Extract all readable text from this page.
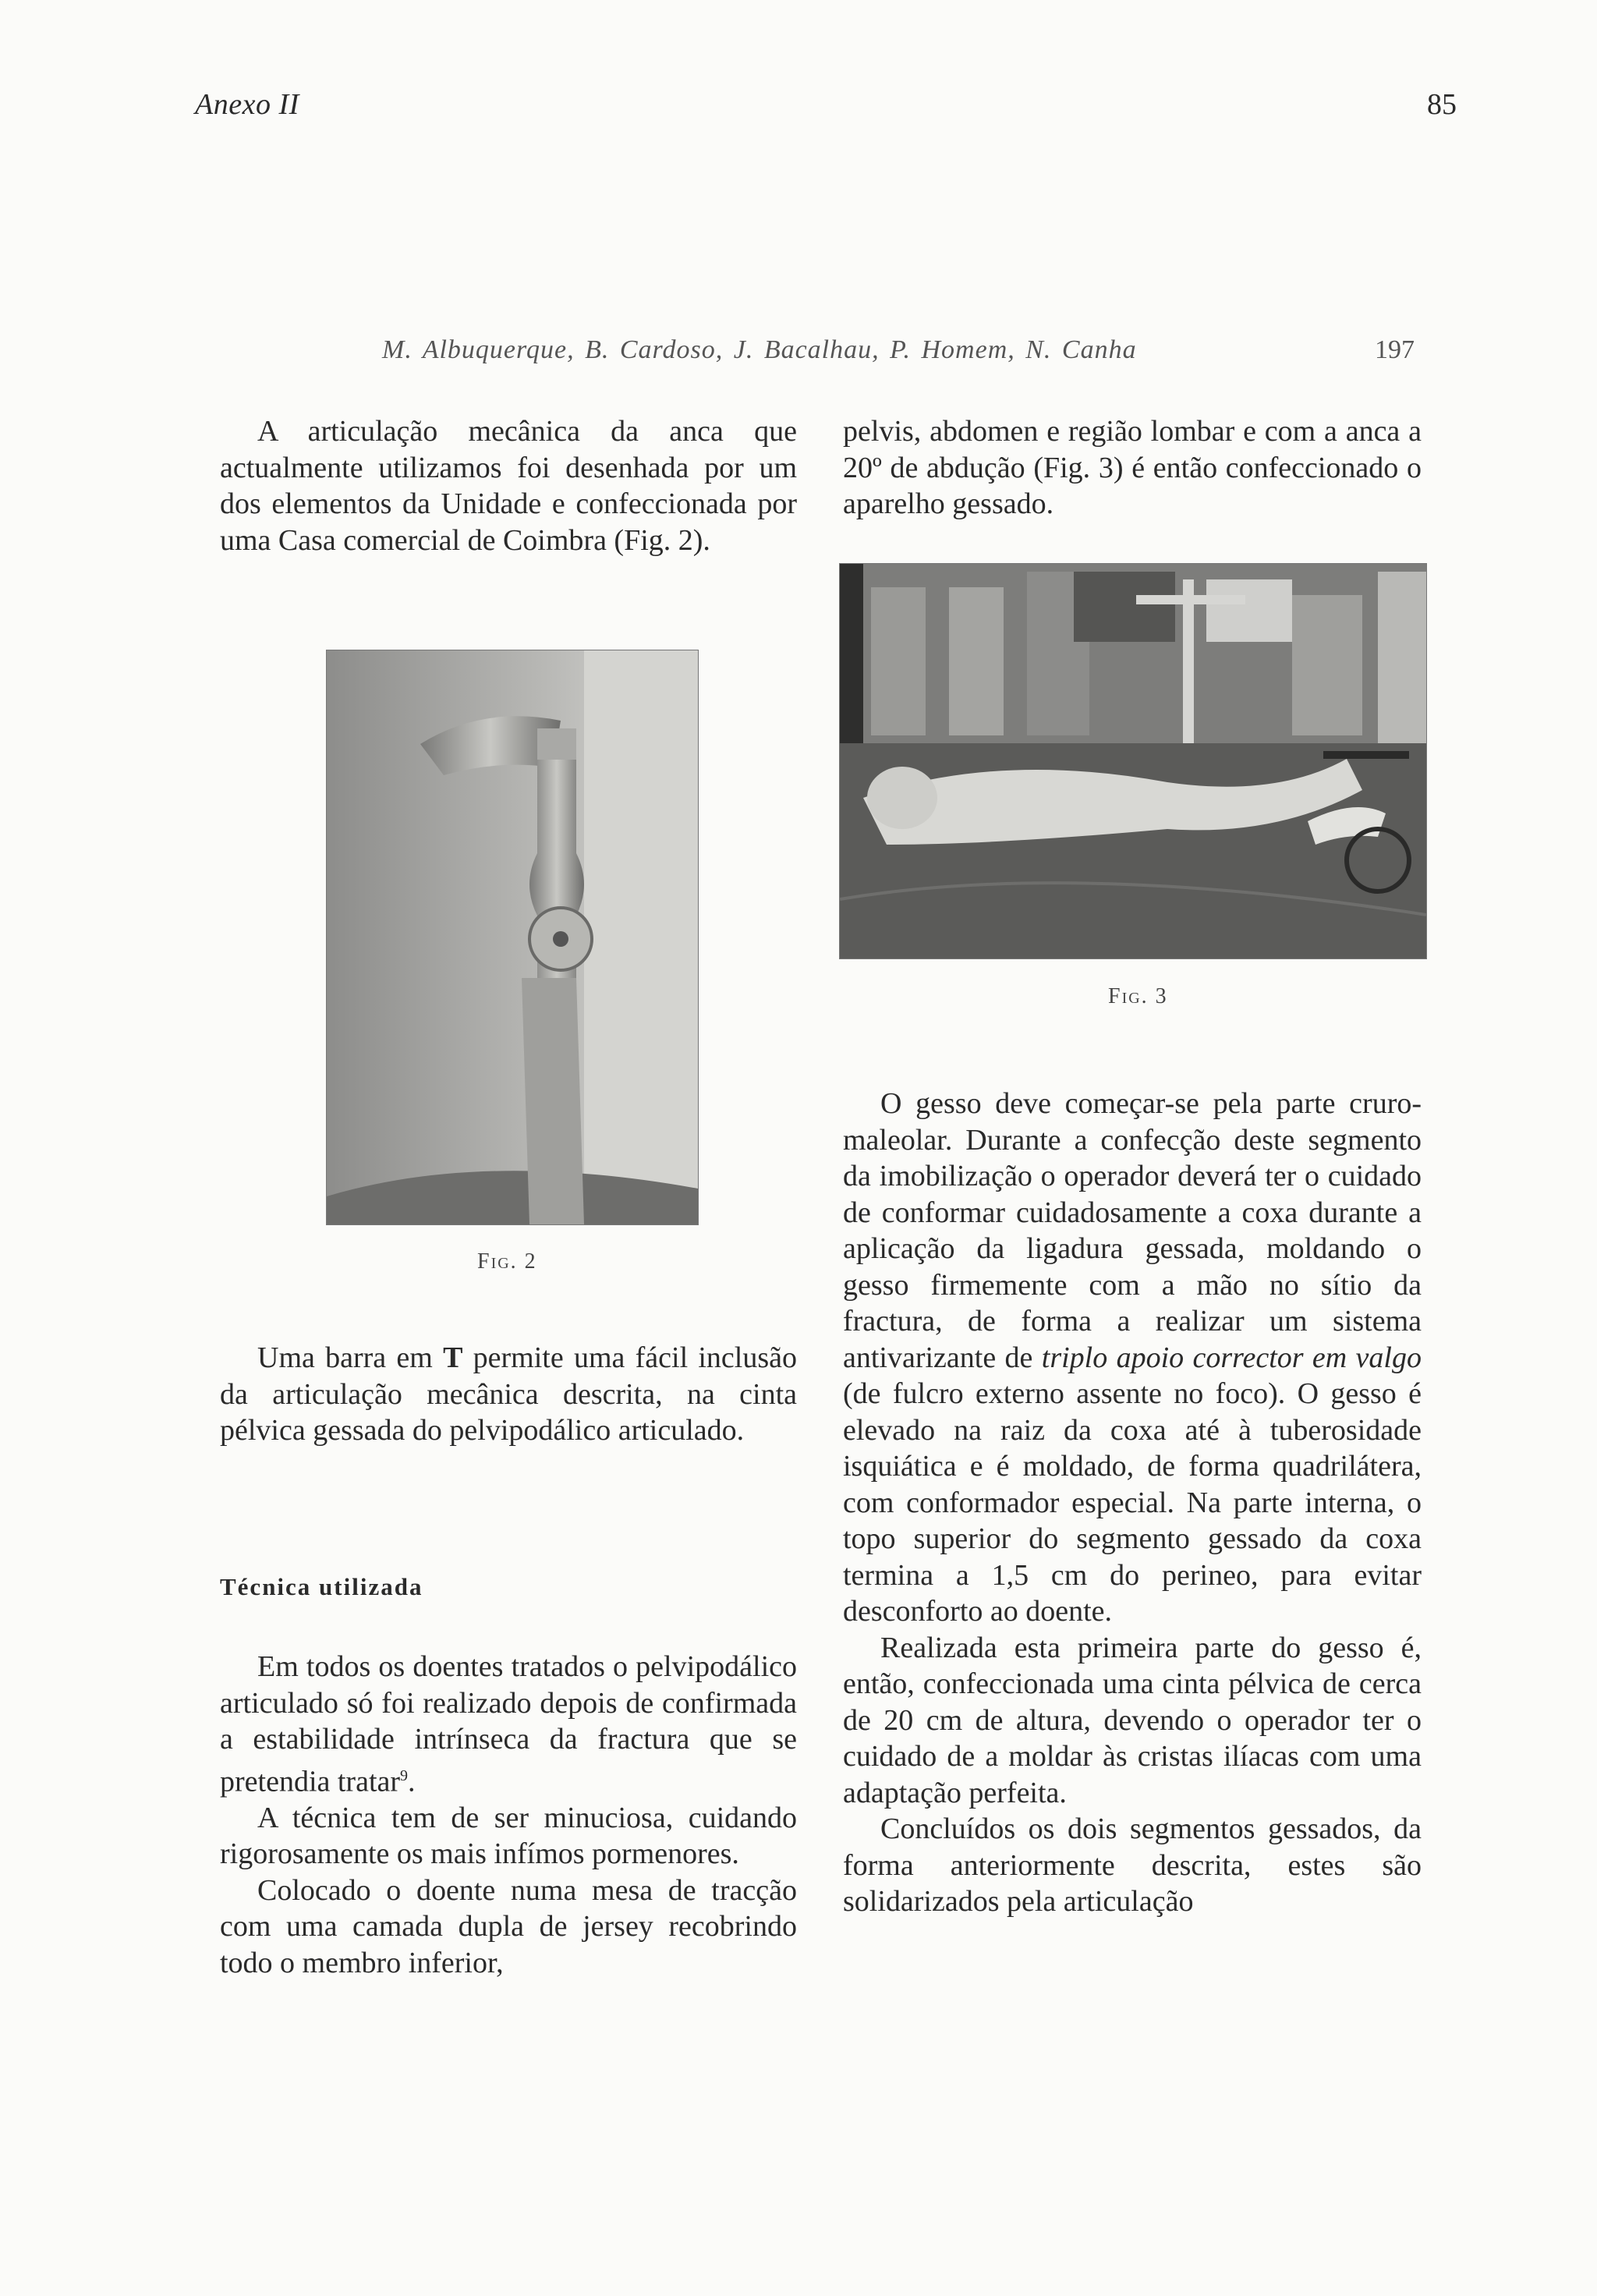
Anexo II	85
M. Albuquerque, B. Cardoso, J. Bacalhau, P. Homem, N. Canha	197

A articulação mecânica da anca que actualmente utilizamos foi desenhada por um dos elementos da Unidade e confeccionada por uma Casa comercial de Coimbra (Fig. 2).

Fig. 2

Uma barra em T permite uma fácil inclusão da articulação mecânica descrita, na cinta pélvica gessada do pelvipodálico articulado.

Técnica utilizada

Em todos os doentes tratados o pelvipodálico articulado só foi realizado depois de confirmada a estabilidade intrínseca da fractura que se pretendia tratar$^9$.

A técnica tem de ser minuciosa, cuidando rigorosamente os mais infímos pormenores.

Colocado o doente numa mesa de tracção com uma camada dupla de jersey recobrindo todo o membro inferior,

pelvis, abdomen e região lombar e com a anca a 20º de abdução (Fig. 3) é então confeccionado o aparelho gessado.

Fig. 3

O gesso deve começar-se pela parte cruro-maleolar. Durante a confecção deste segmento da imobilização o operador deverá ter o cuidado de conformar cuidadosamente a coxa durante a aplicação da ligadura gessada, moldando o gesso firmemente com a mão no sítio da fractura, de forma a realizar um sistema antivarizante de triplo apoio corrector em valgo (de fulcro externo assente no foco). O gesso é elevado na raiz da coxa até à tuberosidade isquiática e é moldado, de forma quadrilátera, com conformador especial. Na parte interna, o topo superior do segmento gessado da coxa termina a 1,5 cm do perineo, para evitar desconforto ao doente.

Realizada esta primeira parte do gesso é, então, confeccionada uma cinta pélvica de cerca de 20 cm de altura, devendo o operador ter o cuidado de a moldar às cristas ilíacas com uma adaptação perfeita.

Concluídos os dois segmentos gessados, da forma anteriormente descrita, estes são solidarizados pela articulação
